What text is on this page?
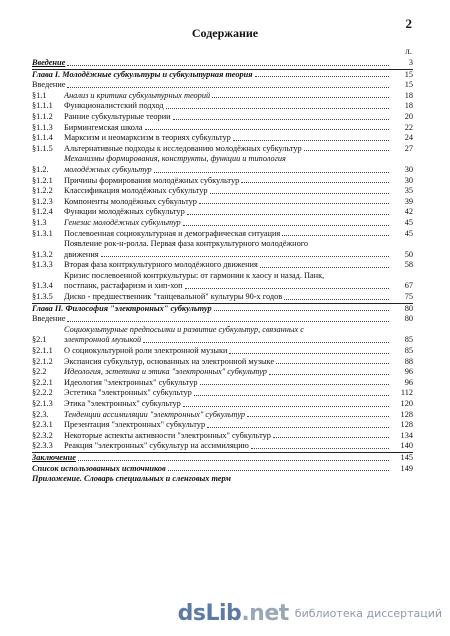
2
Содержание
л.
Введение	3
Глава I. Молодёжные субкультуры и субкультурная теория	15
Введение	15
§1.1	Анализ и критика субкультурных теорий	18
§1.1.1	Функционалистский подход	18
§1.1.2	Ранние субкультурные теории	20
§1.1.3	Бирмингемская школа	22
§1.1.4	Марксизм и неомарксизм в теориях субкультур	24
§1.1.5	Альтернативные подходы к исследованию молодёжных субкультур	27
§1.2.
Механизмы формирования, конструкты, функции и типология
молодёжных субкультур	30
§1.2.1	Причины формирования молодёжных субкультур	30
§1.2.2	Классификация молодёжных субкультур	35
§1.2.3	Компоненты молодёжных субкультур	39
§1.2.4	Функции молодёжных субкультур	42
§1.3	Генезис молодёжных субкультур	45
§1.3.1	Послевоенная социокультурная и демографическая ситуация	45
§1.3.2
Появление рок-н-ролла. Первая фаза контркультурного молодёжного
движения	50
§1.3.3	Вторая фаза контркультурного молодёжного движения	58
§1.3.4
Кризис послевоенной контркультуры: от гармонии к хаосу и назад. Панк,
постпанк, растафаризм и хип-хоп	67
§1.3.5	Диско - предшественник "танцевальной" культуры 90-х годов	75
Глава II. Философия "электронных" субкультур	80
Введение	80
§2.1
Социокультурные предпосылки и развитие субкультур, связанных с
электронной музыкой	85
§2.1.1	О социокультурной роли электронной музыки	85
§2.1.2	Экспансия субкультур, основанных на электронной музыке	88
§2.2	Идеология, эстетика и этика "электронных" субкультур	96
§2.2.1	Идеология "электронных" субкультур	96
§2.2.2	Эстетика "электронных" субкультур	112
§2.1.3	Этика "электронных" субкультур	120
§2.3.	Тенденции ассимиляции "электронных" субкультур	128
§2.3.1	Презентация "электронных" субкультур	128
§2.3.2	Некоторые аспекты активности "электронных" субкультур	134
§2.3.3	Реакция "электронных" субкультур на ассимиляцию	140
Заключение	145
Список использованных источников	149
Приложение. Словарь специальных и сленговых терм
dsLib.net библиотека диссертаций
